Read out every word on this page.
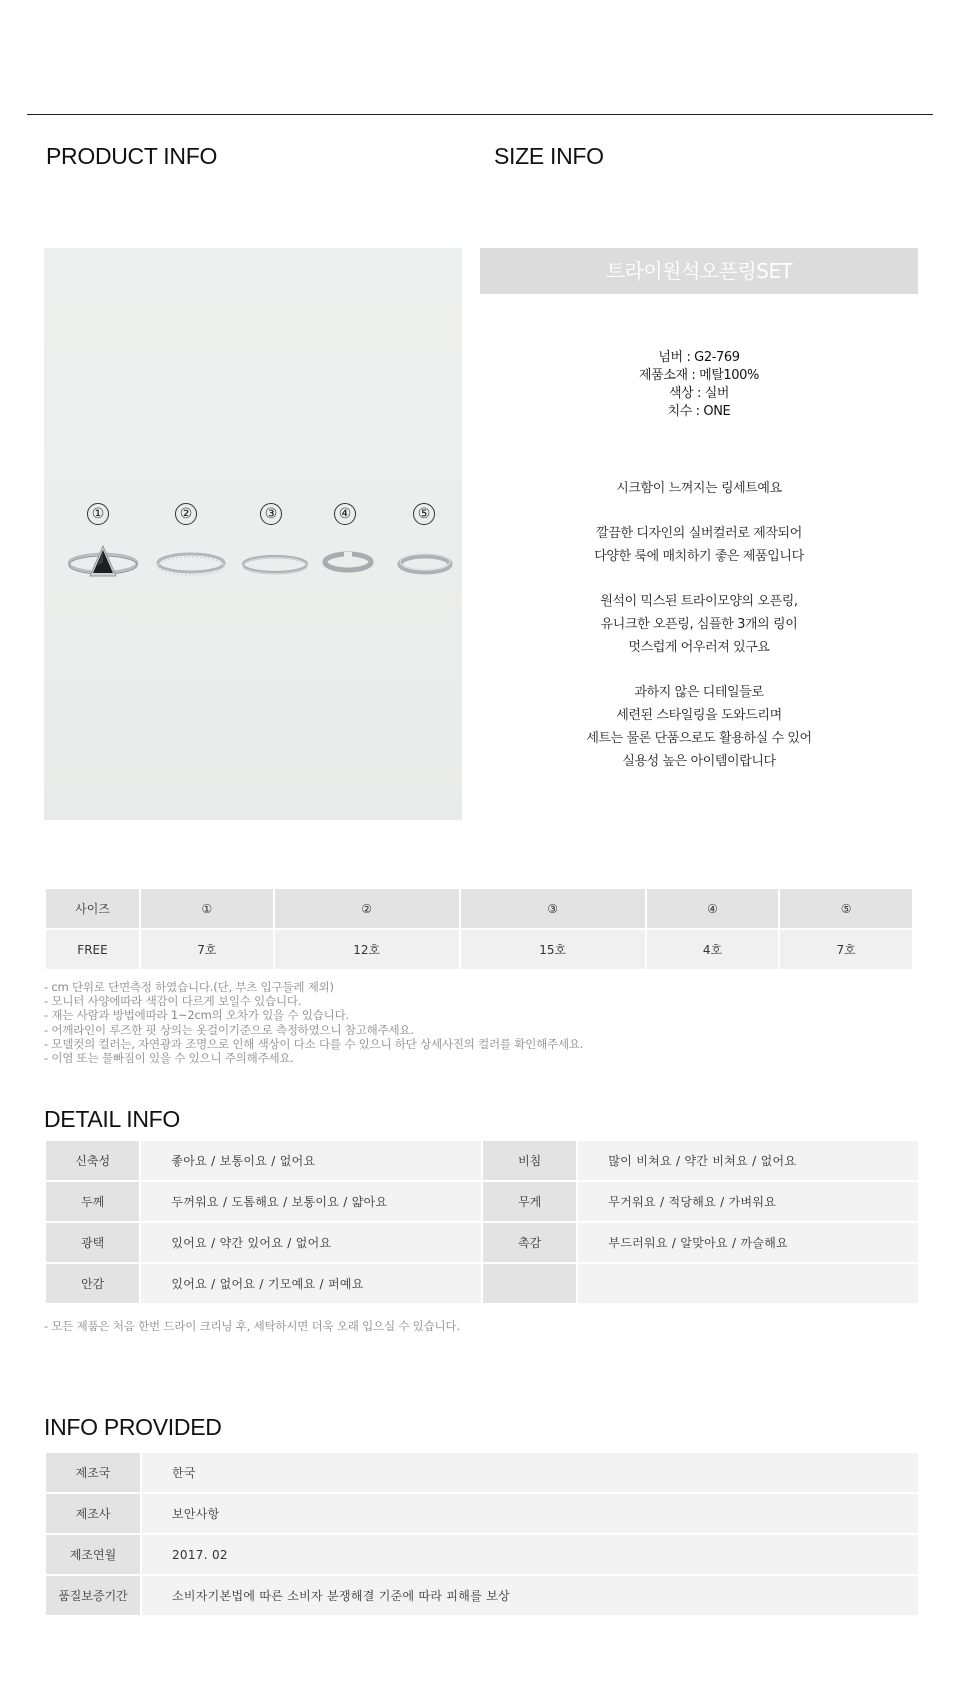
PRODUCT INFO	SIZE INFO
①	②	③	④	⑤
트라이원석오픈링SET
넘버 : G2-769
제품소재 : 메탈100%
색상 : 실버
치수 : ONE

시크함이 느껴지는 링세트예요

깔끔한 디자인의 실버컬러로 제작되어
다양한 룩에 매치하기 좋은 제품입니다

원석이 믹스된 트라이모양의 오픈링,
유니크한 오픈링, 심플한 3개의 링이
멋스럽게 어우러져 있구요

과하지 않은 디테일들로
세련된 스타일링을 도와드리며
세트는 물론 단품으로도 활용하실 수 있어
실용성 높은 아이템이랍니다

사이즈	①	②	③	④	⑤			
FREE	7호	12호	15호	4호	7호			
- cm 단위로 단면측정 하였습니다.(단, 부츠 입구둘레 제외)
- 모니터 사양에따라 색감이 다르게 보일수 있습니다.
- 재는 사람과 방법에따라 1~2cm의 오차가 있을 수 있습니다.
- 어깨라인이 루즈한 핏 상의는 옷걸이기준으로 측정하였으니 참고해주세요.
- 모델컷의 컬러는, 자연광과 조명으로 인해 색상이 다소 다를 수 있으니 하단 상세사진의 컬러를 확인해주세요.
- 이염 또는 물빠짐이 있을 수 있으니 주의해주세요.
DETAIL INFO
신축성	좋아요 / 보통이요 / 없어요	비침	많이 비쳐요 / 약간 비쳐요 / 없어요
두께	두꺼워요 / 도톰해요 / 보통이요 / 얇아요	무게	무거워요 / 적당해요 / 가벼워요
광택	있어요 / 약간 있어요 / 없어요	촉감	부드러워요 / 알맞아요 / 까슬해요
안감	있어요 / 없어요 / 기모예요 / 퍼예요		
- 모든 제품은 처음 한번 드라이 크리닝 후, 세탁하시면 더욱 오래 입으실 수 있습니다.
INFO PROVIDED
제조국	한국
제조사	보안사항
제조연월	2017. 02
품질보증기간	소비자기본법에 따른 소비자 분쟁해결 기준에 따라 피해를 보상
